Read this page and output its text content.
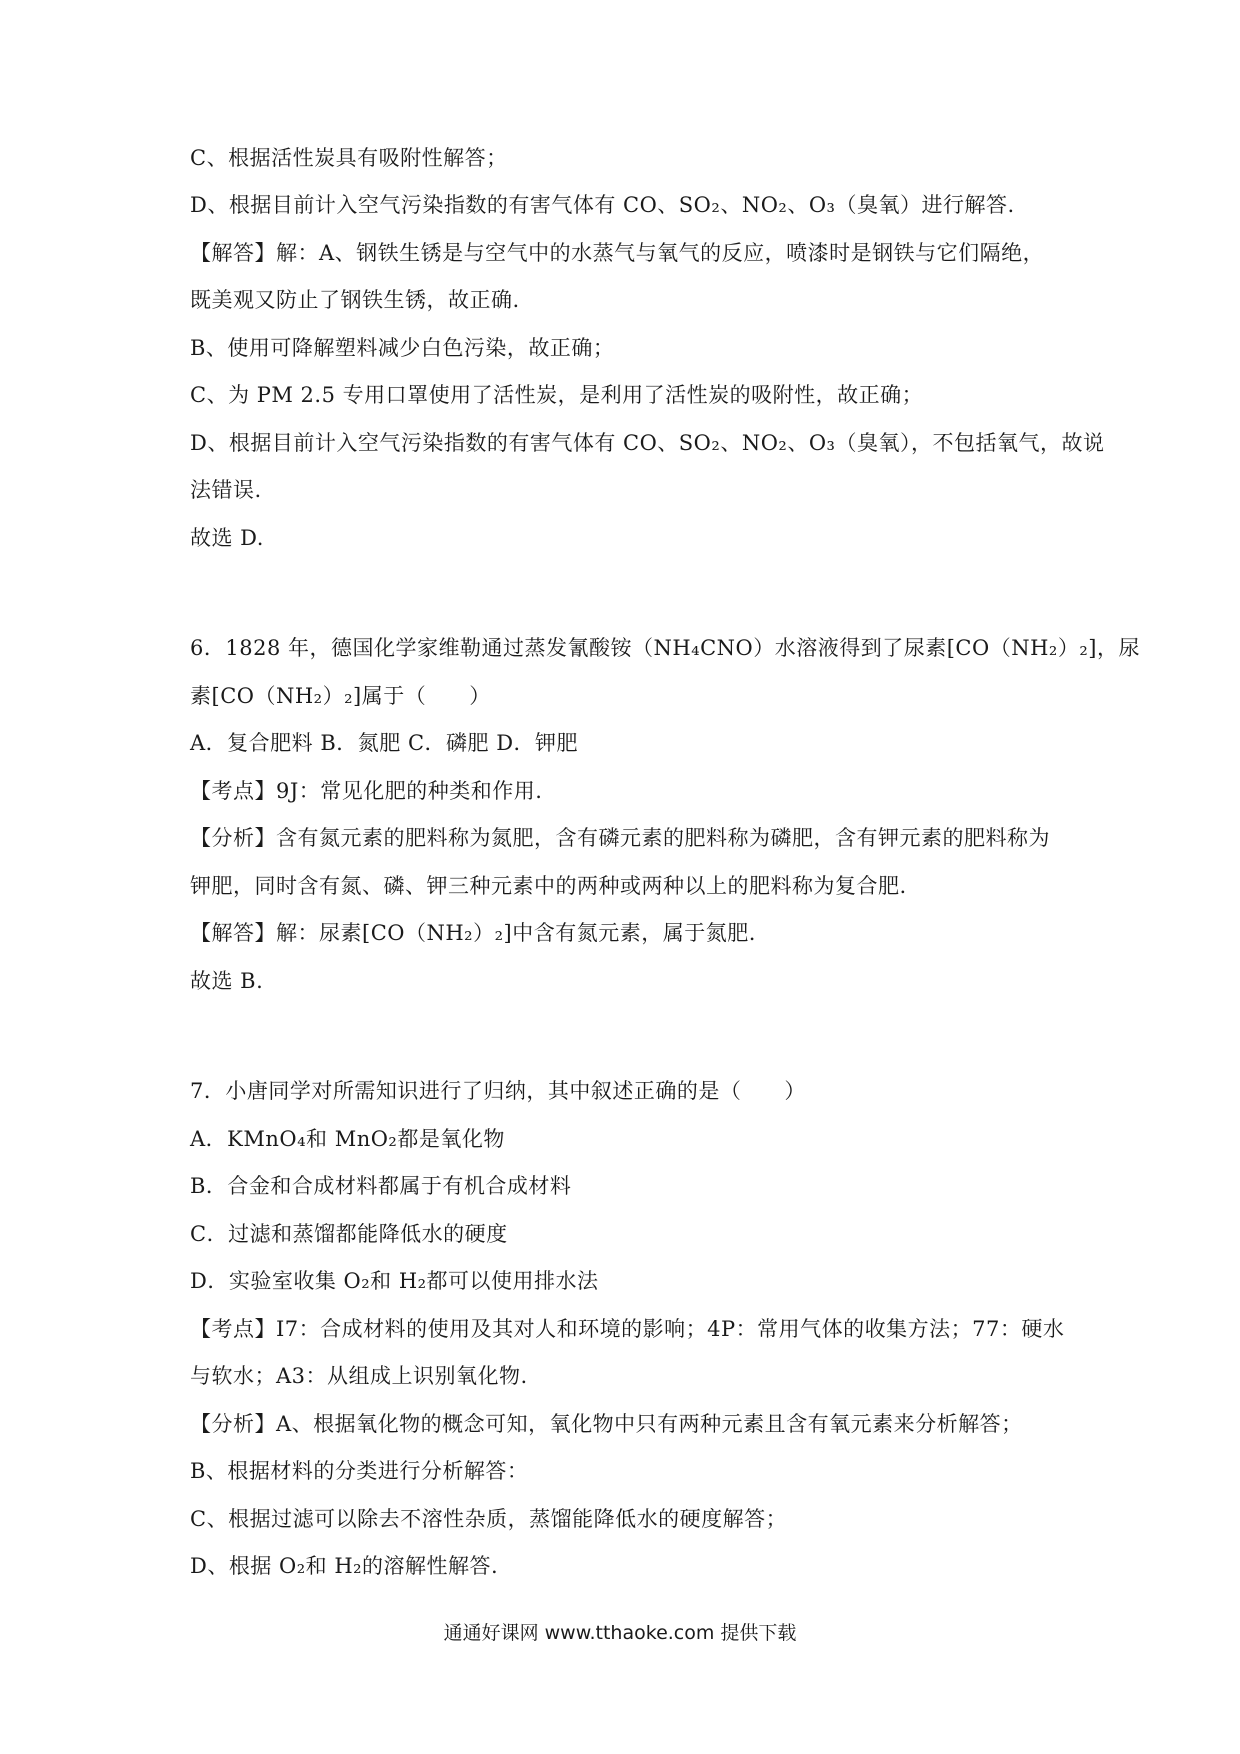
C、根据活性炭具有吸附性解答；
D、根据目前计入空气污染指数的有害气体有 CO、SO₂、NO₂、O₃（臭氧）进行解答.
【解答】解：A、钢铁生锈是与空气中的水蒸气与氧气的反应，喷漆时是钢铁与它们隔绝，
既美观又防止了钢铁生锈，故正确.
B、使用可降解塑料减少白色污染，故正确；
C、为 PM 2.5 专用口罩使用了活性炭，是利用了活性炭的吸附性，故正确；
D、根据目前计入空气污染指数的有害气体有 CO、SO₂、NO₂、O₃（臭氧），不包括氧气，故说
法错误.
故选 D.
6．1828 年，德国化学家维勒通过蒸发氰酸铵（NH₄CNO）水溶液得到了尿素[CO（NH₂）₂]，尿
素[CO（NH₂）₂]属于（　　）
A．复合肥料 B．氮肥 C．磷肥 D．钾肥
【考点】9J：常见化肥的种类和作用.
【分析】含有氮元素的肥料称为氮肥，含有磷元素的肥料称为磷肥，含有钾元素的肥料称为
钾肥，同时含有氮、磷、钾三种元素中的两种或两种以上的肥料称为复合肥.
【解答】解：尿素[CO（NH₂）₂]中含有氮元素，属于氮肥.
故选 B.
7．小唐同学对所需知识进行了归纳，其中叙述正确的是（　　）
A．KMnO₄和 MnO₂都是氧化物
B．合金和合成材料都属于有机合成材料
C．过滤和蒸馏都能降低水的硬度
D．实验室收集 O₂和 H₂都可以使用排水法
【考点】I7：合成材料的使用及其对人和环境的影响；4P：常用气体的收集方法；77：硬水
与软水；A3：从组成上识别氧化物.
【分析】A、根据氧化物的概念可知，氧化物中只有两种元素且含有氧元素来分析解答；
B、根据材料的分类进行分析解答：
C、根据过滤可以除去不溶性杂质，蒸馏能降低水的硬度解答；
D、根据 O₂和 H₂的溶解性解答.
通通好课网 www.tthaoke.com 提供下载
